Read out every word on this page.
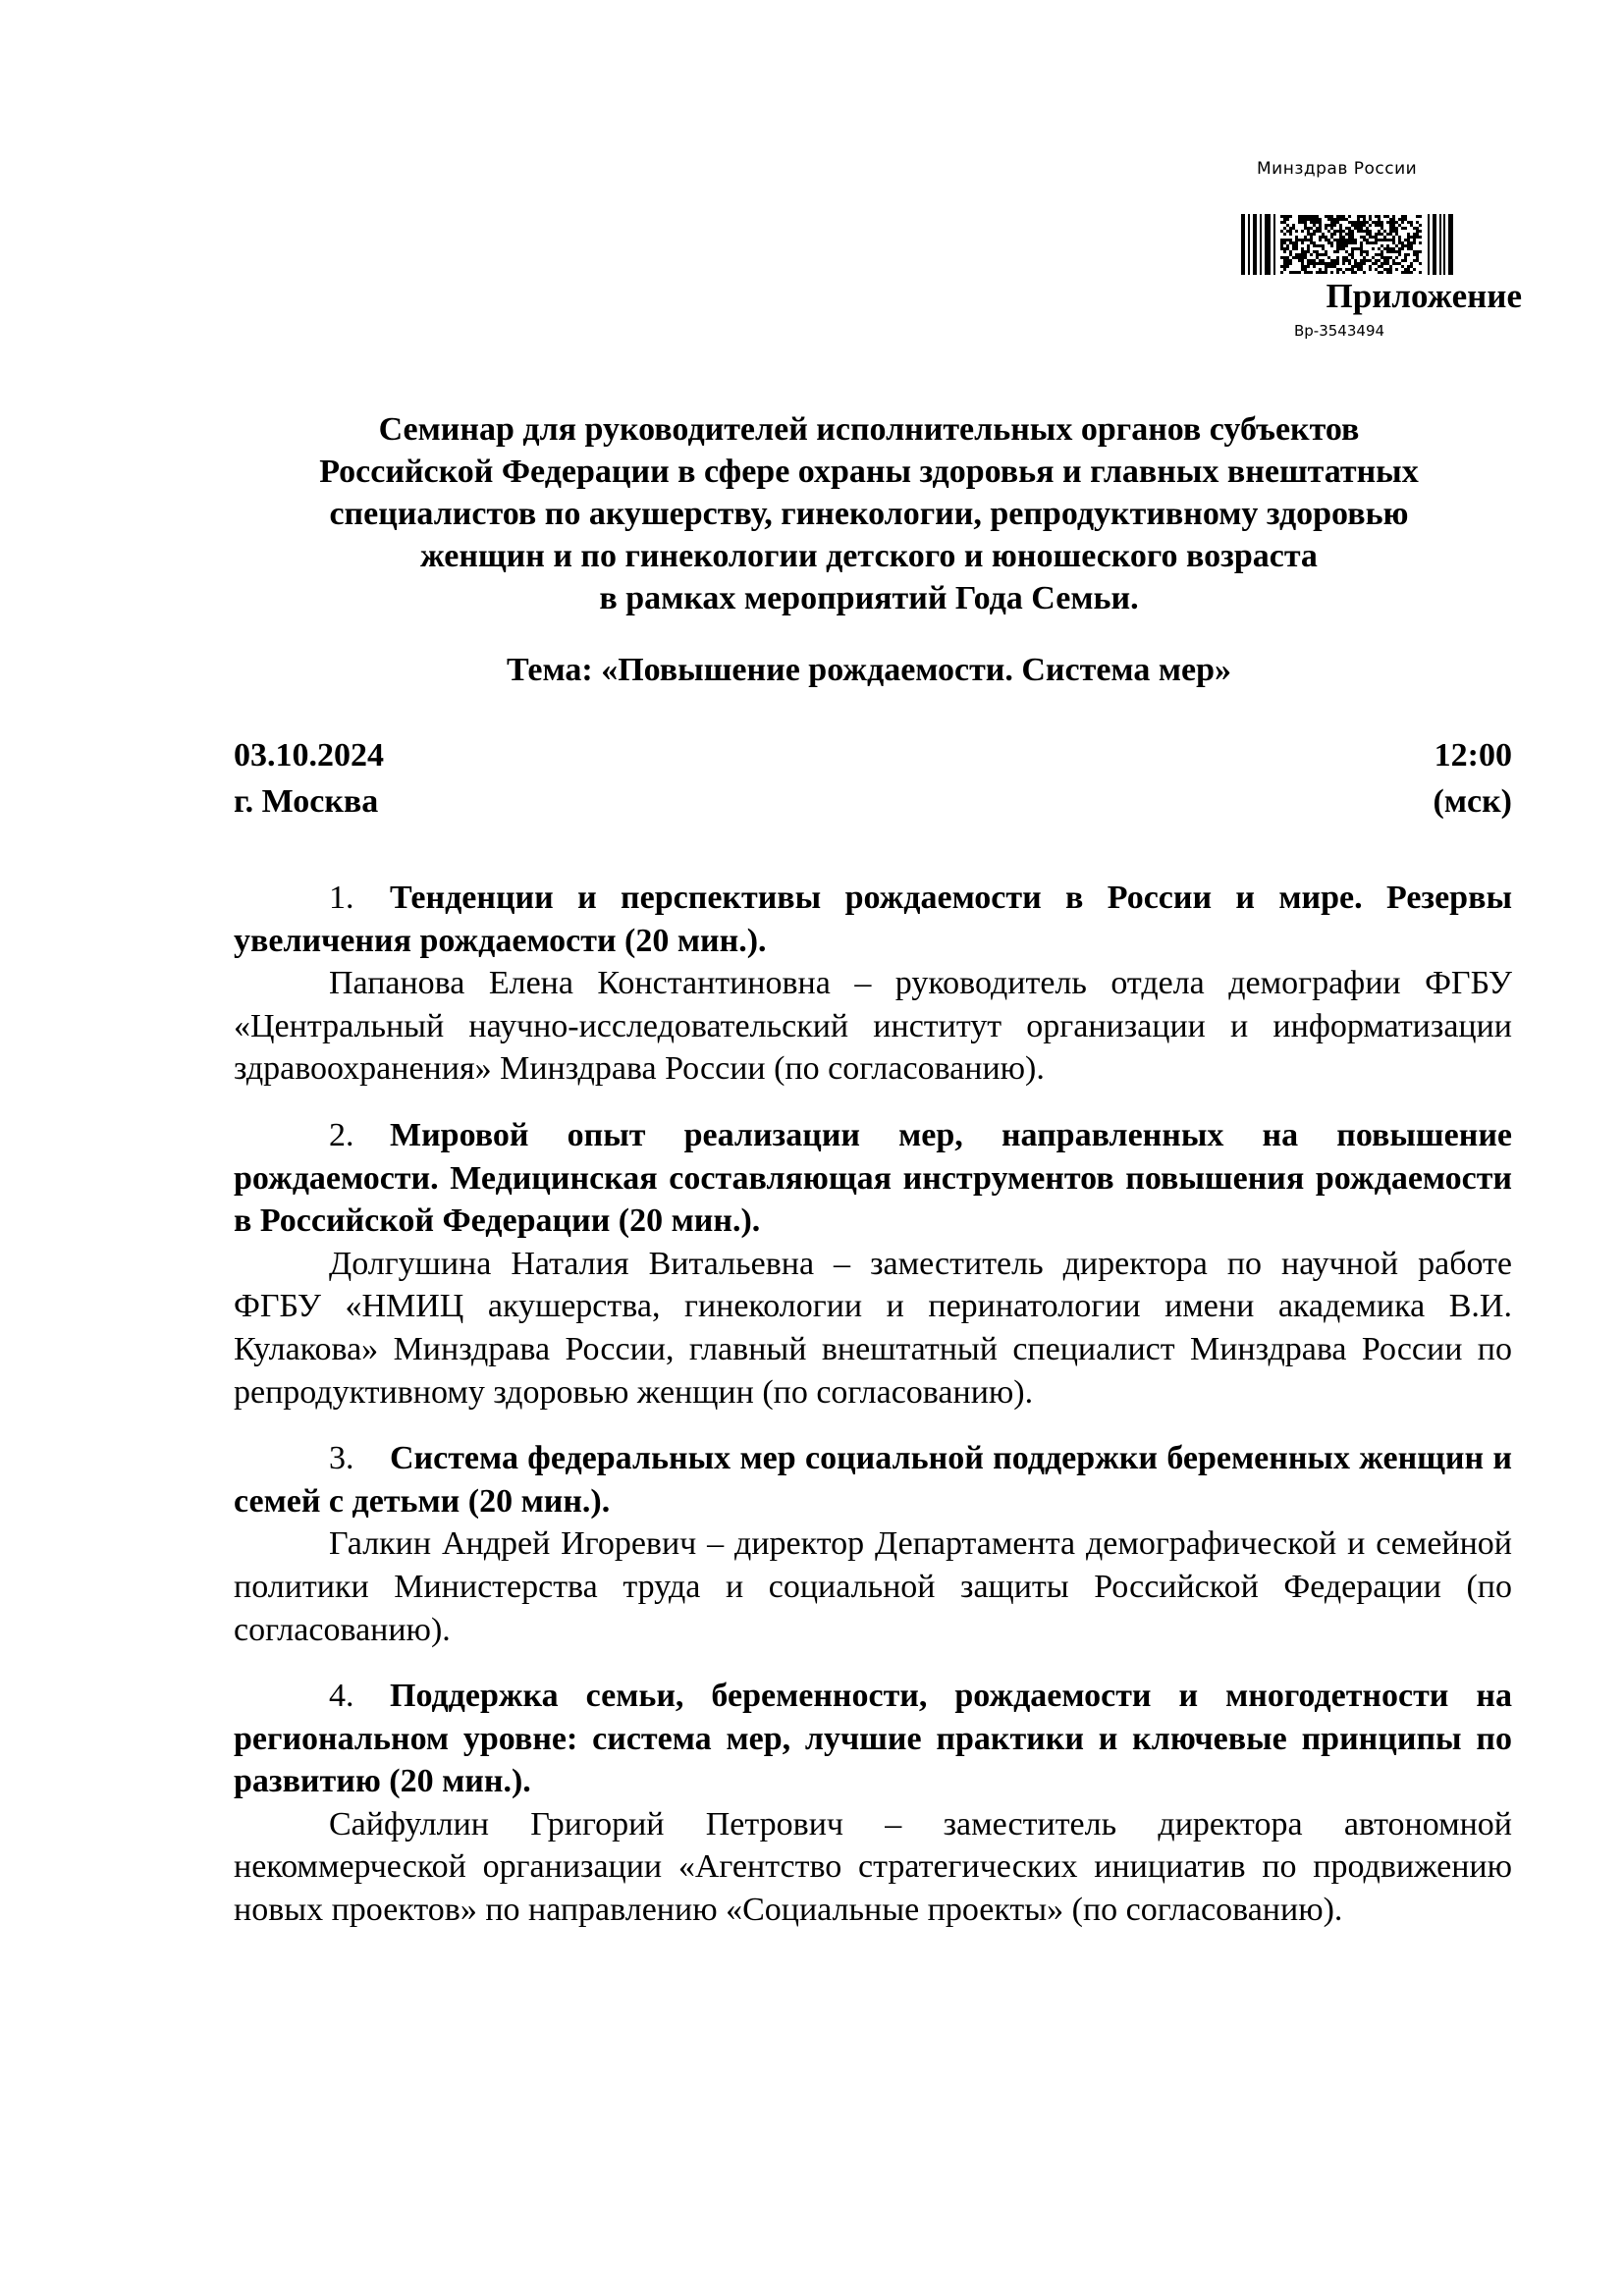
Минздрав России
Приложение
Вр-3543494
Семинар для руководителей исполнительных органов субъектов
Российской Федерации в сфере охраны здоровья и главных внештатных
специалистов по акушерству, гинекологии, репродуктивному здоровью
женщин и по гинекологии детского и юношеского возраста
в рамках мероприятий Года Семьи.
Тема: «Повышение рождаемости. Система мер»
03.10.2024
г. Москва
12:00
(мск)

1. Тенденции и перспективы рождаемости в России и мире. Резервы увеличения рождаемости (20 мин.).

Папанова Елена Константиновна – руководитель отдела демографии ФГБУ «Центральный научно-исследовательский институт организации и информатизации здравоохранения» Минздрава России (по согласованию).

2. Мировой опыт реализации мер, направленных на повышение рождаемости. Медицинская составляющая инструментов повышения рождаемости в Российской Федерации (20 мин.).

Долгушина Наталия Витальевна – заместитель директора по научной работе ФГБУ «НМИЦ акушерства, гинекологии и перинатологии имени академика В.И. Кулакова» Минздрава России, главный внештатный специалист Минздрава России по репродуктивному здоровью женщин (по согласованию).

3. Система федеральных мер социальной поддержки беременных женщин и семей с детьми (20 мин.).

Галкин Андрей Игоревич – директор Департамента демографической и семейной политики Министерства труда и социальной защиты Российской Федерации (по согласованию).

4. Поддержка семьи, беременности, рождаемости и многодетности на региональном уровне: система мер, лучшие практики и ключевые принципы по развитию (20 мин.).

Сайфуллин Григорий Петрович – заместитель директора автономной некоммерческой организации «Агентство стратегических инициатив по продвижению новых проектов» по направлению «Социальные проекты» (по согласованию).
